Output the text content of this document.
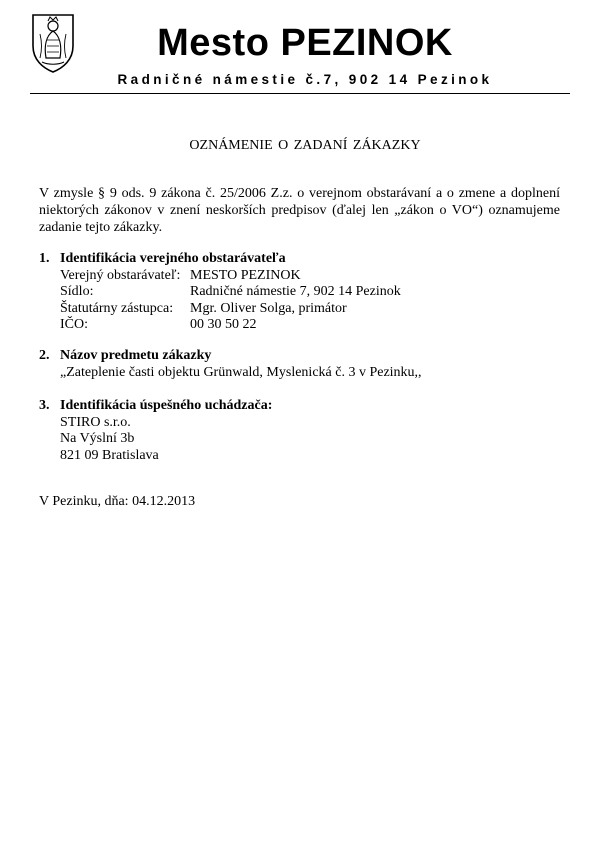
Mesto PEZINOK
Radničné námestie č.7, 902 14 Pezinok
OZNÁMENIE O ZADANÍ ZÁKAZKY
V zmysle § 9 ods. 9 zákona č. 25/2006 Z.z. o verejnom obstarávaní a o zmene a doplnení niektorých zákonov v znení neskorších predpisov (ďalej len „zákon o VO“) oznamujeme zadanie tejto zákazky.
1. Identifikácia verejného obstarávateľa
Verejný obstarávateľ: MESTO PEZINOK
Sídlo:	Radničné námestie 7, 902 14 Pezinok
Štatutárny zástupca: Mgr. Oliver Solga, primátor
IČO:	00 30 50 22
2. Názov predmetu zákazky
„Zateplenie časti objektu Grünwald, Myslenická č. 3 v Pezinku,,
3. Identifikácia úspešného uchádzača:
STIRO s.r.o.
Na Výslní 3b
821 09 Bratislava
V Pezinku, dňa: 04.12.2013
